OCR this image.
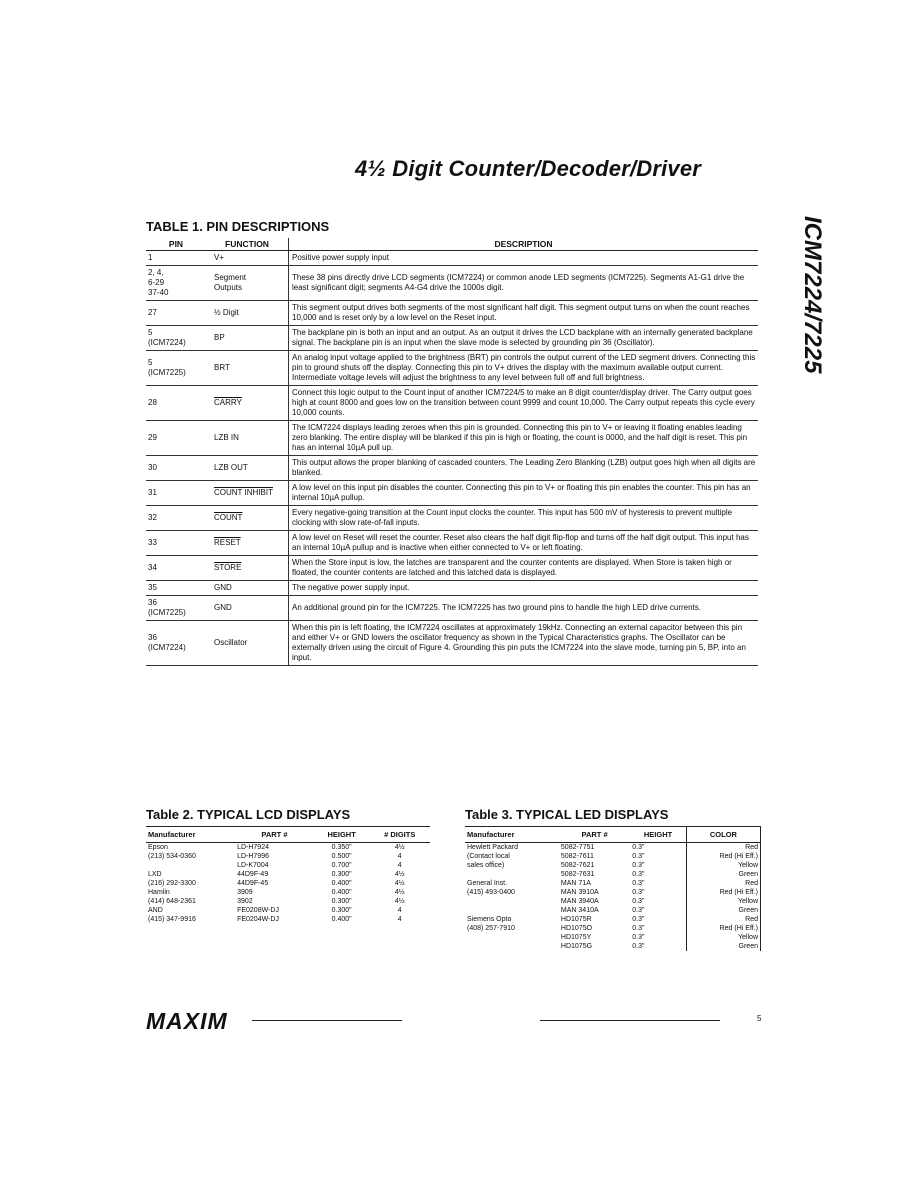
4½ Digit Counter/Decoder/Driver
ICM7224/7225
TABLE 1. PIN DESCRIPTIONS
PIN	FUNCTION	DESCRIPTION
1	V+	Positive power supply input
2, 4,
6-29
37-40	Segment
Outputs	These 38 pins directly drive LCD segments (ICM7224) or common anode LED segments (ICM7225). Segments A1-G1 drive the least significant digit; segments A4-G4 drive the 1000s digit.
27	½ Digit	This segment output drives both segments of the most significant half digit. This segment output turns on when the count reaches 10,000 and is reset only by a low level on the Reset input.
5
(ICM7224)	BP	The backplane pin is both an input and an output. As an output it drives the LCD backplane with an internally generated backplane signal. The backplane pin is an input when the slave mode is selected by grounding pin 36 (Oscillator).
5
(ICM7225)	BRT	An analog input voltage applied to the brightness (BRT) pin controls the output current of the LED segment drivers. Connecting this pin to ground shuts off the display. Connecting this pin to V+ drives the display with the maximum available output current. Intermediate voltage levels will adjust the brightness to any level between full off and full brightness.
28	CARRY	Connect this logic output to the Count input of another ICM7224/5 to make an 8 digit counter/display driver. The Carry output goes high at count 8000 and goes low on the transition between count 9999 and count 10,000. The Carry output repeats this cycle every 10,000 counts.
29	LZB IN	The ICM7224 displays leading zeroes when this pin is grounded. Connecting this pin to V+ or leaving it floating enables leading zero blanking. The entire display will be blanked if this pin is high or floating, the count is 0000, and the half digit is reset. This pin has an internal 10µA pull up.
30	LZB OUT	This output allows the proper blanking of cascaded counters. The Leading Zero Blanking (LZB) output goes high when all digits are blanked.
31	COUNT INHIBIT	A low level on this input pin disables the counter. Connecting this pin to V+ or floating this pin enables the counter. This pin has an internal 10µA pullup.
32	COUNT	Every negative-going transition at the Count input clocks the counter. This input has 500 mV of hysteresis to prevent multiple clocking with slow rate-of-fall inputs.
33	RESET	A low level on Reset will reset the counter. Reset also clears the half digit flip-flop and turns off the half digit output. This input has an internal 10µA pullup and is inactive when either connected to V+ or left floating.
34	STORE	When the Store input is low, the latches are transparent and the counter contents are displayed. When Store is taken high or floated, the counter contents are latched and this latched data is displayed.
35	GND	The negative power supply input.
36
(ICM7225)	GND	An additional ground pin for the ICM7225. The ICM7225 has two ground pins to handle the high LED drive currents.
36
(ICM7224)	Oscillator	When this pin is left floating, the ICM7224 oscillates at approximately 19kHz. Connecting an external capacitor between this pin and either V+ or GND lowers the oscillator frequency as shown in the Typical Characteristics graphs. The Oscillator can be externally driven using the circuit of Figure 4. Grounding this pin puts the ICM7224 into the slave mode, turning pin 5, BP, into an input.
Table 2. TYPICAL LCD DISPLAYS
Manufacturer	PART #	HEIGHT	# DIGITS
Epson	LD-H7924	0.350"	4½
(213) 534-0360	LD-H7996	0.500"	4
	LD-K7004	0.700"	4
LXD	44D9F-49	0.300"	4½
(216) 292-3300	44D9F-45	0.400"	4½
Hamlin	3909	0.400"	4½
(414) 648-2361	3902	0.300"	4½
AND	FE0208W-DJ	0.300"	4
(415) 347-9916	FE0204W-DJ	0.400"	4
Table 3. TYPICAL LED DISPLAYS
Manufacturer	PART #	HEIGHT	COLOR
Hewlett Packard	5082-7751	0.3"	Red
(Contact local	5082-7611	0.3"	Red (Hi Eff.)
sales office)	5082-7621	0.3"	Yellow
	5082-7631	0.3"	Green
General Inst.	MAN 71A	0.3"	Red
(415) 493-0400	MAN 3910A	0.3"	Red (Hi Eff.)
	MAN 3940A	0.3"	Yellow
	MAN 3410A	0.3"	Green
Siemens Opto	HD1075R	0.3"	Red
(408) 257-7910	HD1075O	0.3"	Red (Hi Eff.)
	HD1075Y	0.3"	Yellow
	HD1075G	0.3"	Green
MAXIM	5
